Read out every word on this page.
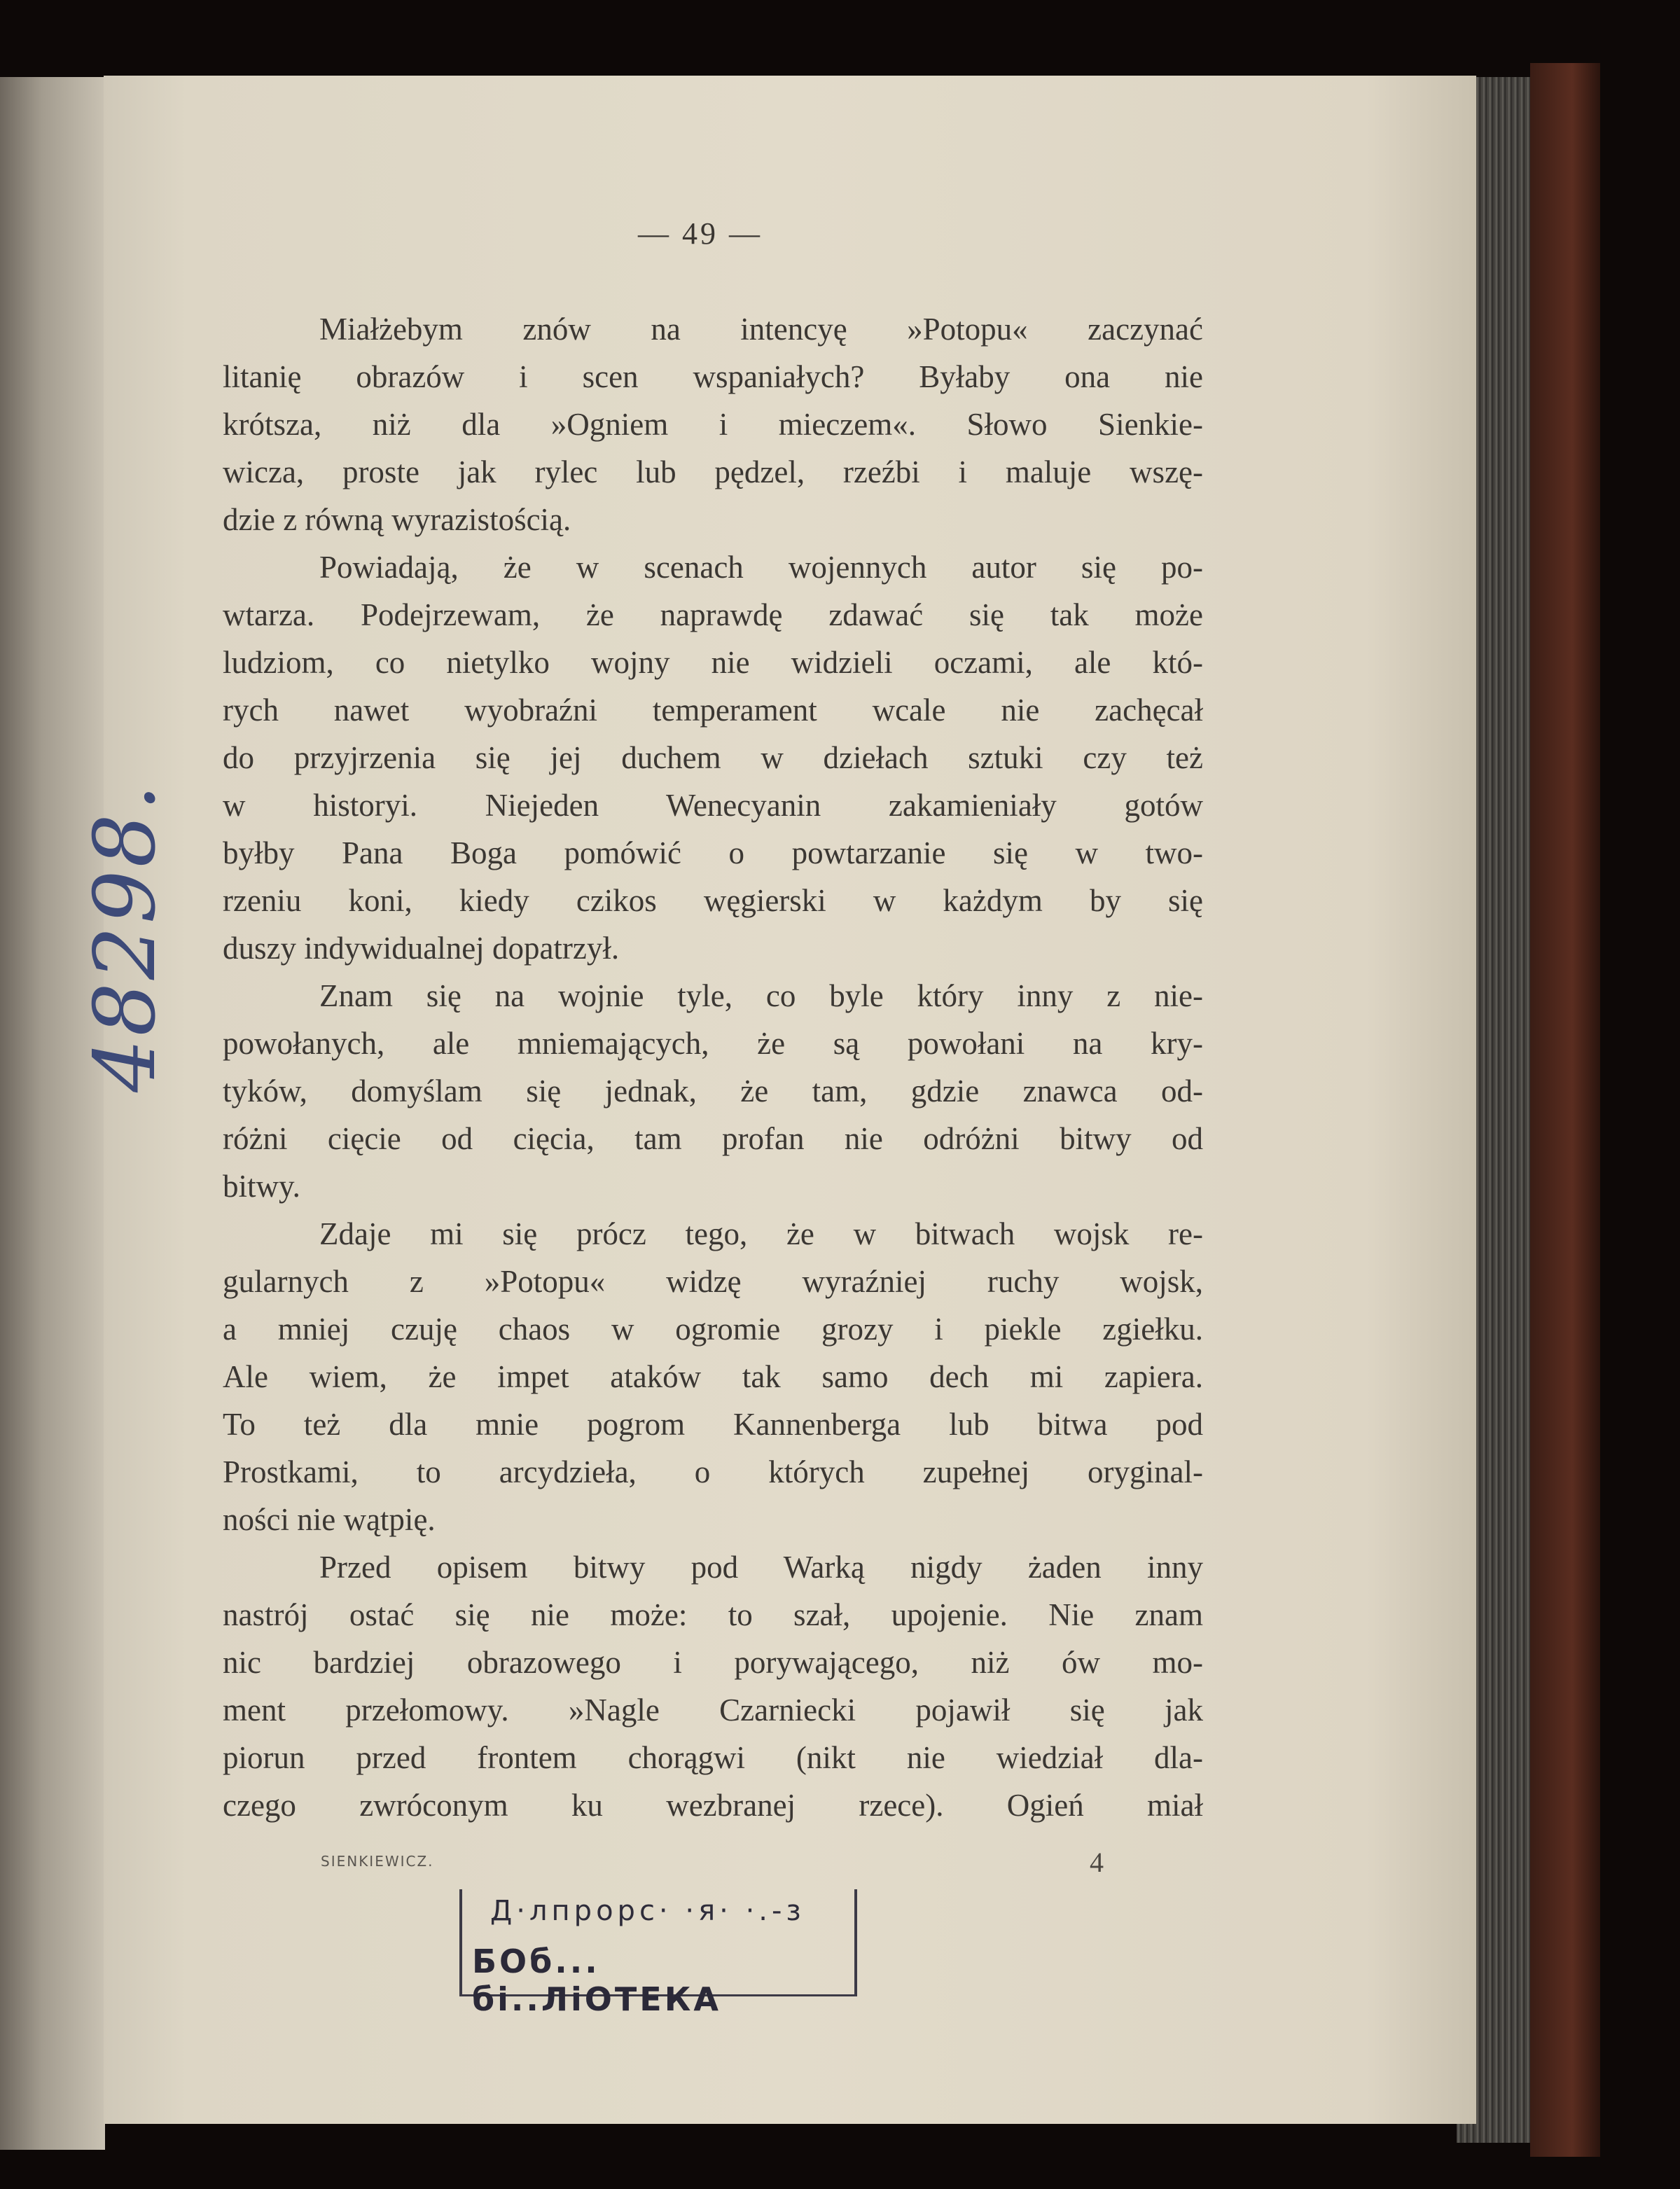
— 49 —
Miałżebym znów na intencyę »Potopu« zaczynać
litanię obrazów i scen wspaniałych? Byłaby ona nie
krótsza, niż dla »Ogniem i mieczem«. Słowo Sienkie-
wicza, proste jak rylec lub pędzel, rzeźbi i maluje wszę-
dzie z równą wyrazistością.
Powiadają, że w scenach wojennych autor się po-
wtarza. Podejrzewam, że naprawdę zdawać się tak może
ludziom, co nietylko wojny nie widzieli oczami, ale któ-
rych nawet wyobraźni temperament wcale nie zachęcał
do przyjrzenia się jej duchem w dziełach sztuki czy też
w historyi. Niejeden Wenecyanin zakamieniały gotów
byłby Pana Boga pomówić o powtarzanie się w two-
rzeniu koni, kiedy czikos węgierski w każdym by się
duszy indywidualnej dopatrzył.
Znam się na wojnie tyle, co byle który inny z nie-
powołanych, ale mniemających, że są powołani na kry-
tyków, domyślam się jednak, że tam, gdzie znawca od-
różni cięcie od cięcia, tam profan nie odróżni bitwy od
bitwy.
Zdaje mi się prócz tego, że w bitwach wojsk re-
gularnych z »Potopu« widzę wyraźniej ruchy wojsk,
a mniej czuję chaos w ogromie grozy i piekle zgiełku.
Ale wiem, że impet ataków tak samo dech mi zapiera.
To też dla mnie pogrom Kannenberga lub bitwa pod
Prostkami, to arcydzieła, o których zupełnej oryginal-
ności nie wątpię.
Przed opisem bitwy pod Warką nigdy żaden inny
nastrój ostać się nie może: to szał, upojenie. Nie znam
nic bardziej obrazowego i porywającego, niż ów mo-
ment przełomowy. »Nagle Czarniecki pojawił się jak
piorun przed frontem chorągwi (nikt nie wiedział dla-
czego zwróconym ku wezbranej rzece). Ogień miał
48298.
SIENKIEWICZ.	4
Д·лпрорс· ·я· ·.-з
БОб... бі..ЛіОТЕКА
